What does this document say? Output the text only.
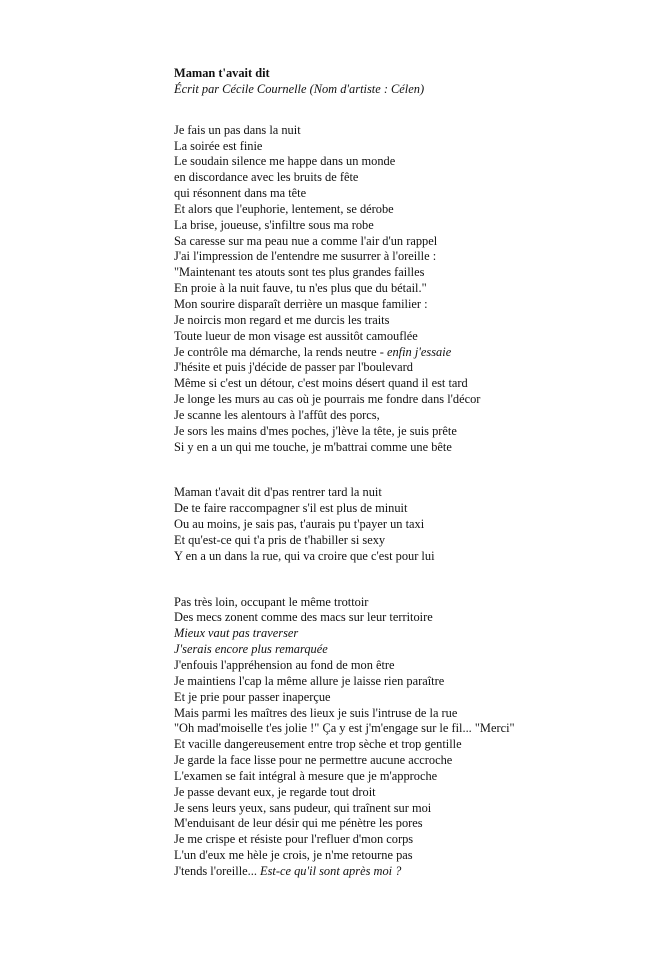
Maman t'avait dit
Écrit par Cécile Cournelle (Nom d'artiste : Célen)
Je fais un pas dans la nuit
La soirée est finie
Le soudain silence me happe dans un monde
en discordance avec les bruits de fête
qui résonnent dans ma tête
Et alors que l'euphorie, lentement, se dérobe
La brise, joueuse, s'infiltre sous ma robe
Sa caresse sur ma peau nue a comme l'air d'un rappel
J'ai l'impression de l'entendre me susurrer à l'oreille :
"Maintenant tes atouts sont tes plus grandes failles
En proie à la nuit fauve, tu n'es plus que du bétail."
Mon sourire disparaît derrière un masque familier :
Je noircis mon regard et me durcis les traits
Toute lueur de mon visage est aussitôt camouflée
Je contrôle ma démarche, la rends neutre - enfin j'essaie
J'hésite et puis j'décide de passer par l'boulevard
Même si c'est un détour, c'est moins désert quand il est tard
Je longe les murs au cas où je pourrais me fondre dans l'décor
Je scanne les alentours à l'affût des porcs,
Je sors les mains d'mes poches, j'lève la tête, je suis prête
Si y en a un qui me touche, je m'battrai comme une bête
Maman t'avait dit d'pas rentrer tard la nuit
De te faire raccompagner s'il est plus de minuit
Ou au moins, je sais pas, t'aurais pu t'payer un taxi
Et qu'est-ce qui t'a pris de t'habiller si sexy
Y en a un dans la rue, qui va croire que c'est pour lui
Pas très loin, occupant le même trottoir
Des mecs zonent comme des macs sur leur territoire
Mieux vaut pas traverser
J'serais encore plus remarquée
J'enfouis l'appréhension au fond de mon être
Je maintiens l'cap la même allure je laisse rien paraître
Et je prie pour passer inaperçue
Mais parmi les maîtres des lieux je suis l'intruse de la rue
"Oh mad'moiselle t'es jolie !" Ça y est j'm'engage sur le fil... "Merci"
Et vacille dangereusement entre trop sèche et trop gentille
Je garde la face lisse pour ne permettre aucune accroche
L'examen se fait intégral à mesure que je m'approche
Je passe devant eux, je regarde tout droit
Je sens leurs yeux, sans pudeur, qui traînent sur moi
M'enduisant de leur désir qui me pénètre les pores
Je me crispe et résiste pour l'refluer d'mon corps
L'un d'eux me hèle je crois, je n'me retourne pas
J'tends l'oreille... Est-ce qu'il sont après moi ?
